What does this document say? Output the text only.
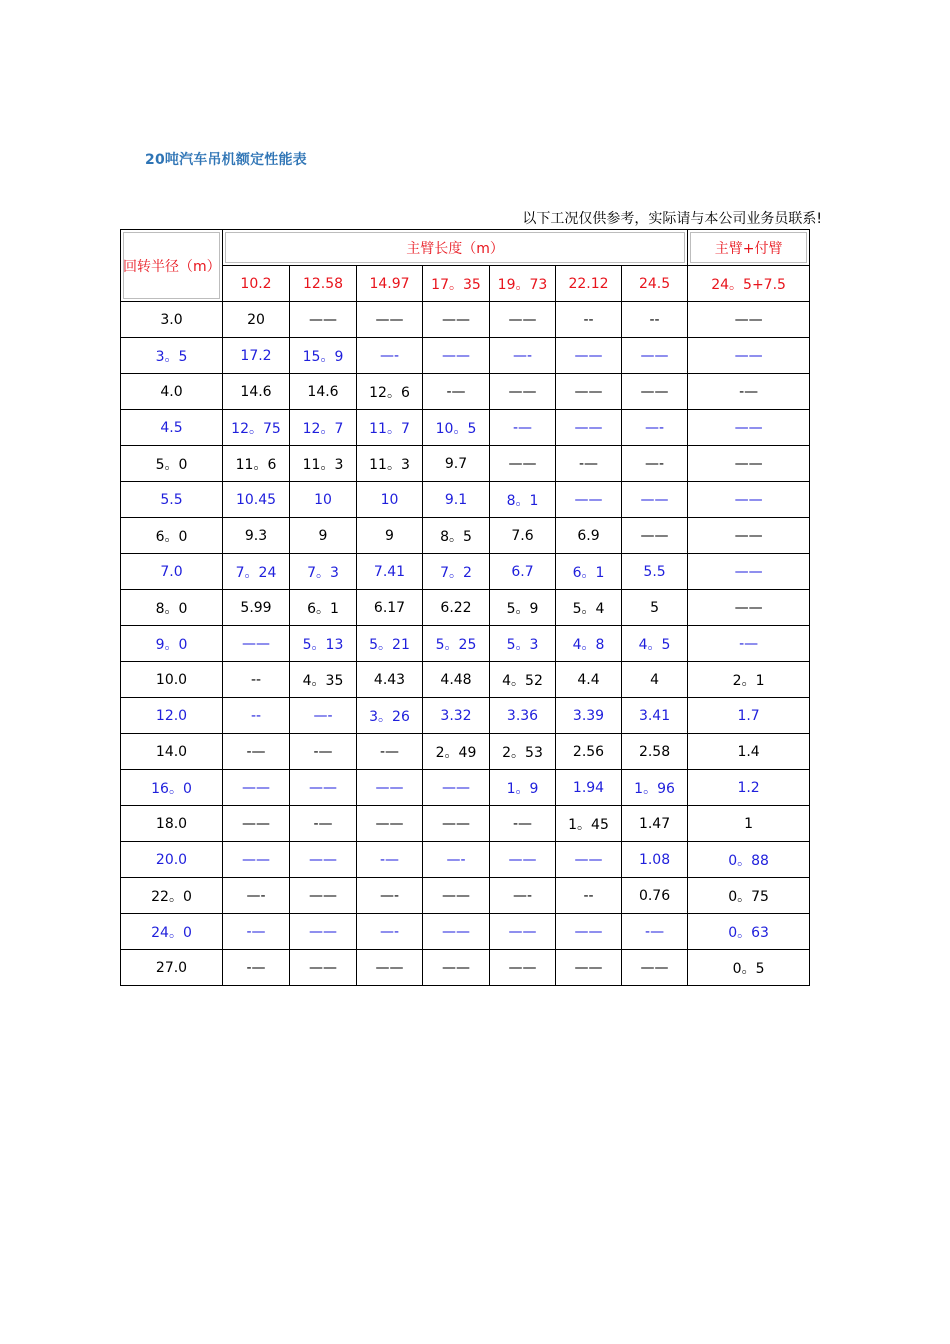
20吨汽车吊机额定性能表
以下工况仅供参考，实际请与本公司业务员联系!
回转半径（m）	主臂长度（m）							主臂+付臂
	10.2	12.58	14.97	17。35	19。73	22.12	24.5	24。5+7.5
3.0	20	——	——	——	——	--	--	——
3。5	17.2	15。9	—-	——	—-	——	——	——
4.0	14.6	14.6	12。6	-—	——	——	——	-—
4.5	12。75	12。7	11。7	10。5	-—	——	—-	——
5。0	11。6	11。3	11。3	9.7	——	-—	—-	——
5.5	10.45	10	10	9.1	8。1	——	——	——
6。0	9.3	9	9	8。5	7.6	6.9	——	——
7.0	7。24	7。3	7.41	7。2	6.7	6。1	5.5	——
8。0	5.99	6。1	6.17	6.22	5。9	5。4	5	——
9。0	——	5。13	5。21	5。25	5。3	4。8	4。5	-—
10.0	--	4。35	4.43	4.48	4。52	4.4	4	2。1
12.0	--	—-	3。26	3.32	3.36	3.39	3.41	1.7
14.0	-—	-—	-—	2。49	2。53	2.56	2.58	1.4
16。0	——	——	——	——	1。9	1.94	1。96	1.2
18.0	——	-—	——	——	-—	1。45	1.47	1
20.0	——	——	-—	—-	——	——	1.08	0。88
22。0	—-	——	—-	——	—-	--	0.76	0。75
24。0	-—	——	—-	——	——	——	-—	0。63
27.0	-—	——	——	——	——	——	——	0。5
